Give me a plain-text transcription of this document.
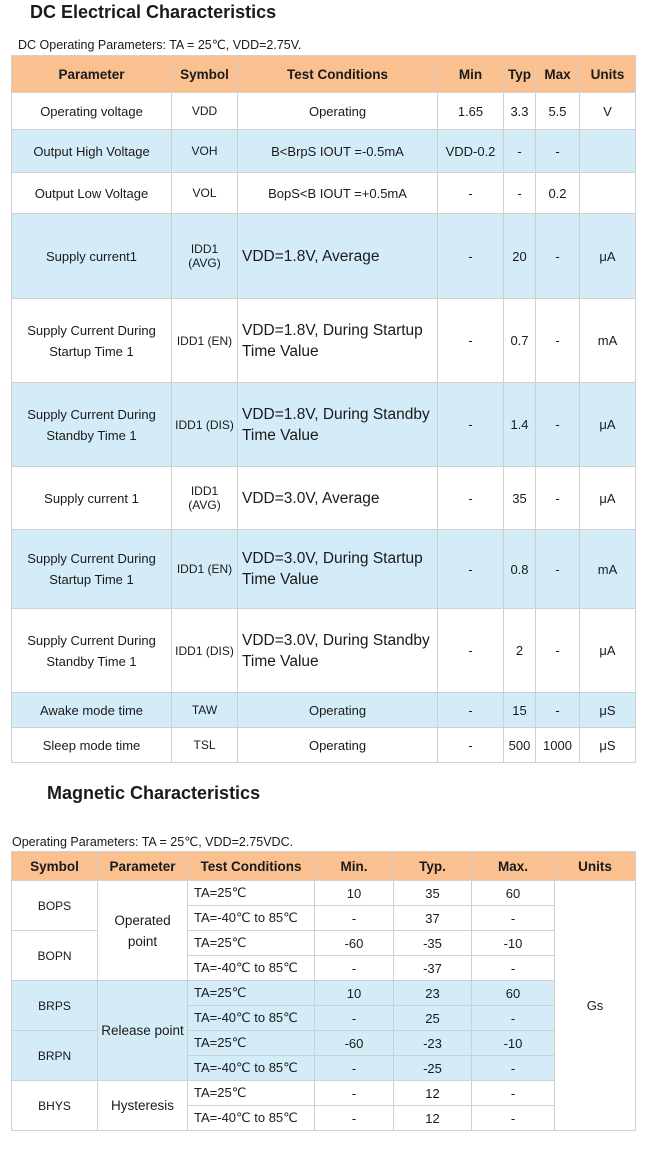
DC Electrical Characteristics
DC Operating Parameters: TA = 25℃, VDD=2.75V.
Parameter	Symbol	Test Conditions	Min	Typ	Max	Units
Operating voltage	VDD	Operating	1.65	3.3	5.5	V
Output High Voltage	VOH	B<BrpS IOUT =-0.5mA	VDD-0.2	-	-	
Output Low Voltage	VOL	BopS<B IOUT =+0.5mA	-	-	0.2	
Supply current1	IDD1 (AVG)	VDD=1.8V, Average	-	20	-	μA
Supply Current During Startup Time 1	IDD1 (EN)	VDD=1.8V, During Startup Time Value	-	0.7	-	mA
Supply Current During Standby Time 1	IDD1 (DIS)	VDD=1.8V, During Standby Time Value	-	1.4	-	μA
Supply current 1	IDD1 (AVG)	VDD=3.0V, Average	-	35	-	μA
Supply Current During Startup Time 1	IDD1 (EN)	VDD=3.0V, During Startup Time Value	-	0.8	-	mA
Supply Current During Standby Time 1	IDD1 (DIS)	VDD=3.0V, During Standby Time Value	-	2	-	μA
Awake mode time	TAW	Operating	-	15	-	μS
Sleep mode time	TSL	Operating	-	500	1000	μS
Magnetic Characteristics
Operating Parameters: TA = 25℃, VDD=2.75VDC.
Symbol	Parameter	Test Conditions	Min.	Typ.	Max.	Units
BOPS	Operated point	TA=25℃	10	35	60	Gs
		TA=-40℃ to 85℃	-	37	-	
BOPN		TA=25℃	-60	-35	-10	
		TA=-40℃ to 85℃	-	-37	-	
BRPS	Release point	TA=25℃	10	23	60	
		TA=-40℃ to 85℃	-	25	-	
BRPN		TA=25℃	-60	-23	-10	
		TA=-40℃ to 85℃	-	-25	-	
BHYS	Hysteresis	TA=25℃	-	12	-	
		TA=-40℃ to 85℃	-	12	-	
